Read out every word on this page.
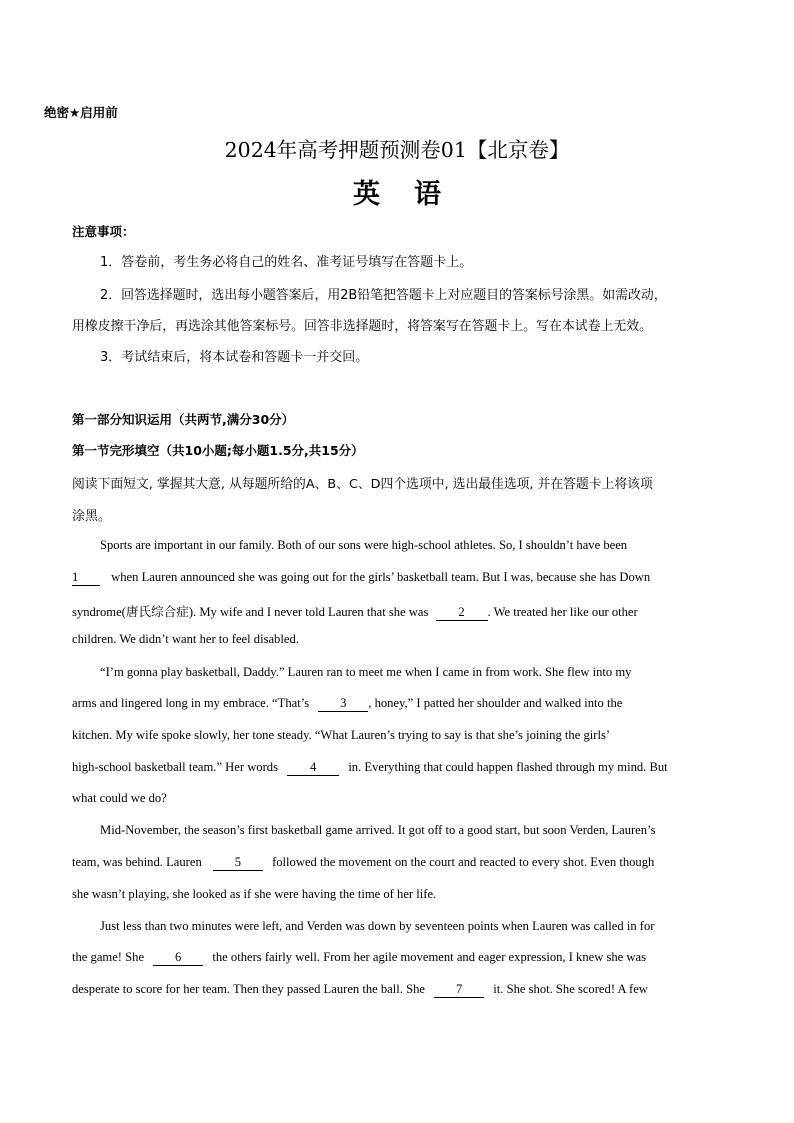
绝密★启用前
2024年高考押题预测卷01【北京卷】
英语
注意事项：
1．答卷前，考生务必将自己的姓名、准考证号填写在答题卡上。
2．回答选择题时，选出每小题答案后，用2B铅笔把答题卡上对应题目的答案标号涂黑。如需改动，
用橡皮擦干净后，再选涂其他答案标号。回答非选择题时，将答案写在答题卡上。写在本试卷上无效。
3．考试结束后，将本试卷和答题卡一并交回。
第一部分知识运用（共两节,满分30分）
第一节完形填空（共10小题;每小题1.5分,共15分）
阅读下面短文, 掌握其大意, 从每题所给的A、B、C、D四个选项中, 选出最佳选项, 并在答题卡上将该项
涂黑。
Sports are important in our family. Both of our sons were high-school athletes. So, I shouldn’t have been
1	when Lauren announced she was going out for the girls’ basketball team. But I was, because she has Down
syndrome(唐氏综合症). My wife and I never told Lauren that she was 2 . We treated her like our other
children. We didn’t want her to feel disabled.
“I’m gonna play basketball, Daddy.” Lauren ran to meet me when I came in from work. She flew into my
arms and lingered long in my embrace. “That’s 3 , honey,” I patted her shoulder and walked into the
kitchen. My wife spoke slowly, her tone steady. “What Lauren’s trying to say is that she’s joining the girls’
high-school basketball team.” Her words	4	in. Everything that could happen flashed through my mind. But
what could we do?
Mid-November, the season’s first basketball game arrived. It got off to a good start, but soon Verden, Lauren’s
team, was behind. Lauren	5 followed the movement on the court and reacted to every shot. Even though
she wasn’t playing, she looked as if she were having the time of her life.
Just less than two minutes were left, and Verden was down by seventeen points when Lauren was called in for
the game! She 6 the others fairly well. From her agile movement and eager expression, I knew she was
desperate to score for her team. Then they passed Lauren the ball. She 7 it. She shot. She scored! A few
